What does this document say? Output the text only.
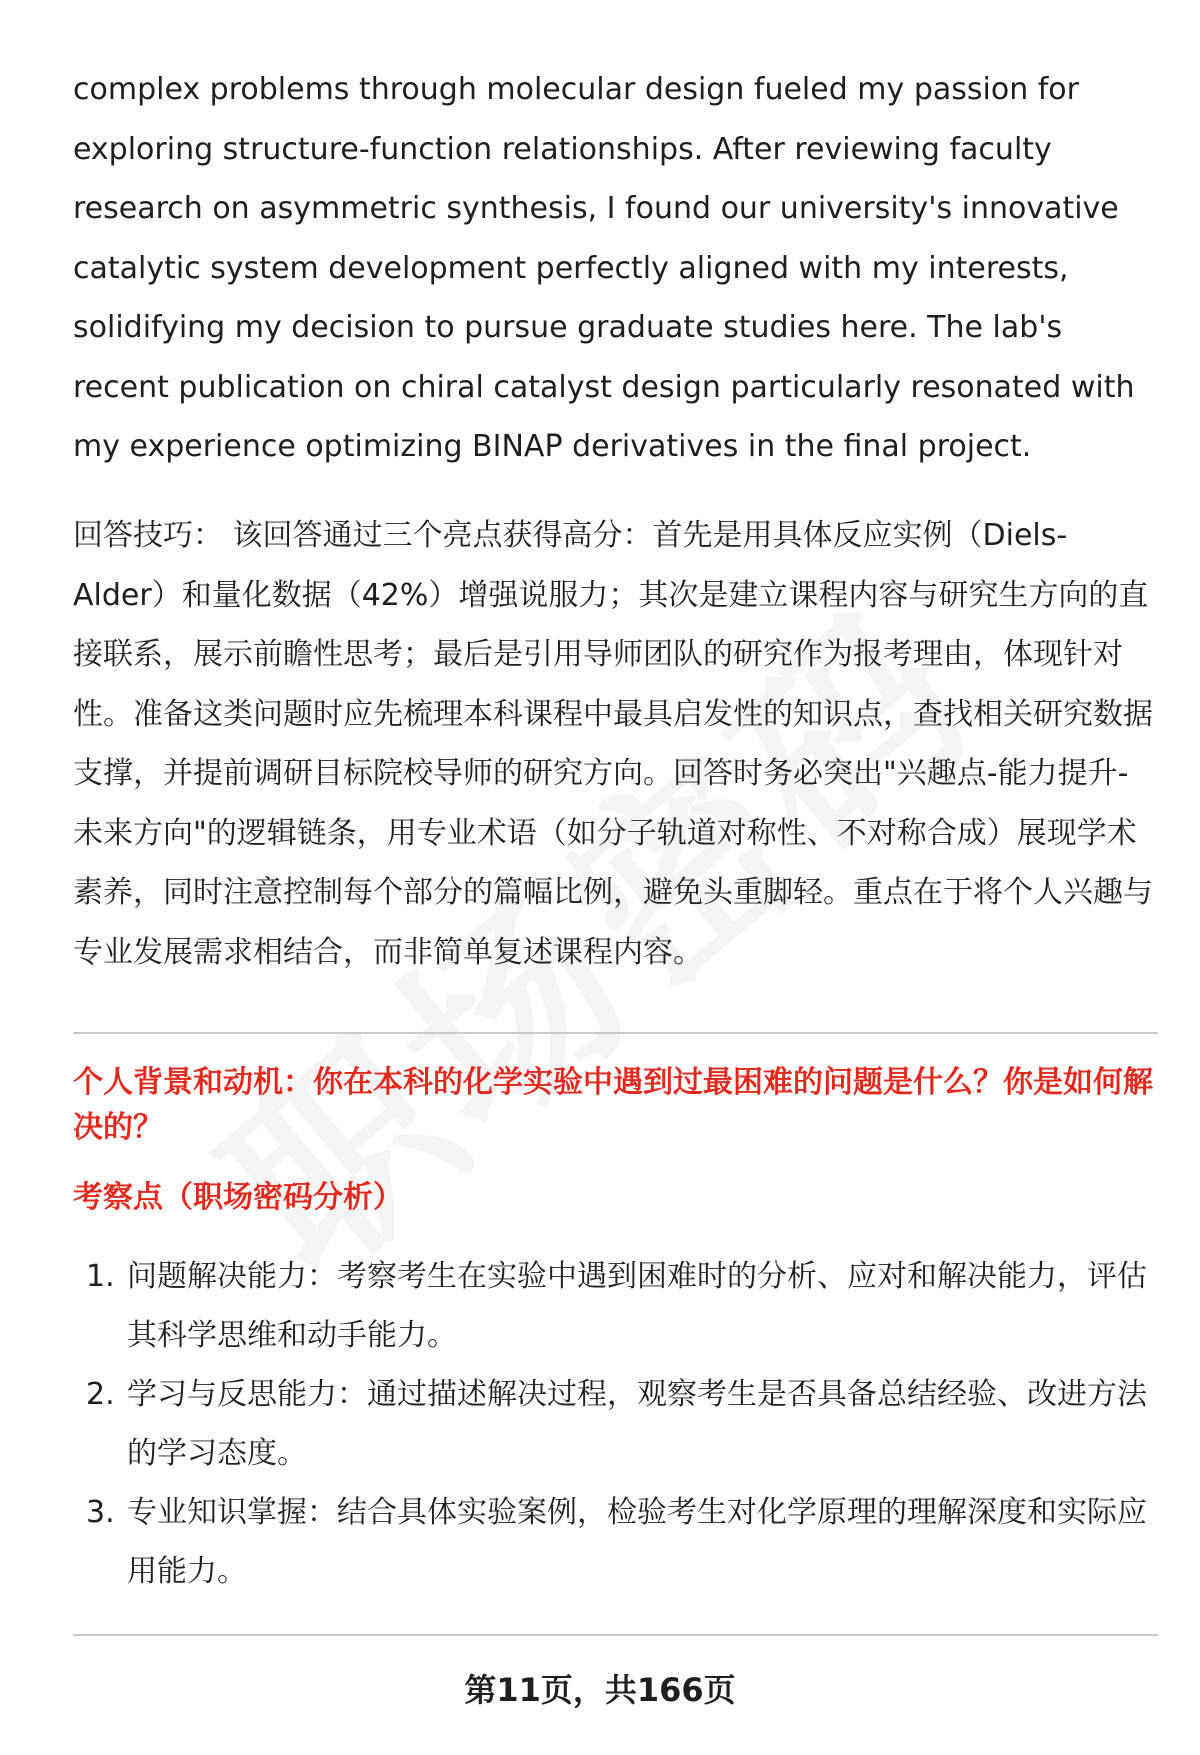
complex problems through molecular design fueled my passion for exploring structure-function relationships. After reviewing faculty research on asymmetric synthesis, I found our university's innovative catalytic system development perfectly aligned with my interests, solidifying my decision to pursue graduate studies here. The lab's recent publication on chiral catalyst design particularly resonated with my experience optimizing BINAP derivatives in the final project.

回答技巧： 该回答通过三个亮点获得高分：首先是用具体反应实例（Diels-Alder）和量化数据（42%）增强说服力；其次是建立课程内容与研究生方向的直接联系，展示前瞻性思考；最后是引用导师团队的研究作为报考理由，体现针对性。准备这类问题时应先梳理本科课程中最具启发性的知识点，查找相关研究数据支撑，并提前调研目标院校导师的研究方向。回答时务必突出"兴趣点-能力提升-未来方向"的逻辑链条，用专业术语（如分子轨道对称性、不对称合成）展现学术素养，同时注意控制每个部分的篇幅比例，避免头重脚轻。重点在于将个人兴趣与专业发展需求相结合，而非简单复述课程内容。

个人背景和动机：你在本科的化学实验中遇到过最困难的问题是什么？你是如何解决的？

考察点（职场密码分析）

1. 问题解决能力：考察考生在实验中遇到困难时的分析、应对和解决能力，评估其科学思维和动手能力。
2. 学习与反思能力：通过描述解决过程，观察考生是否具备总结经验、改进方法的学习态度。
3. 专业知识掌握：结合具体实验案例，检验考生对化学原理的理解深度和实际应用能力。

第11页，共166页
